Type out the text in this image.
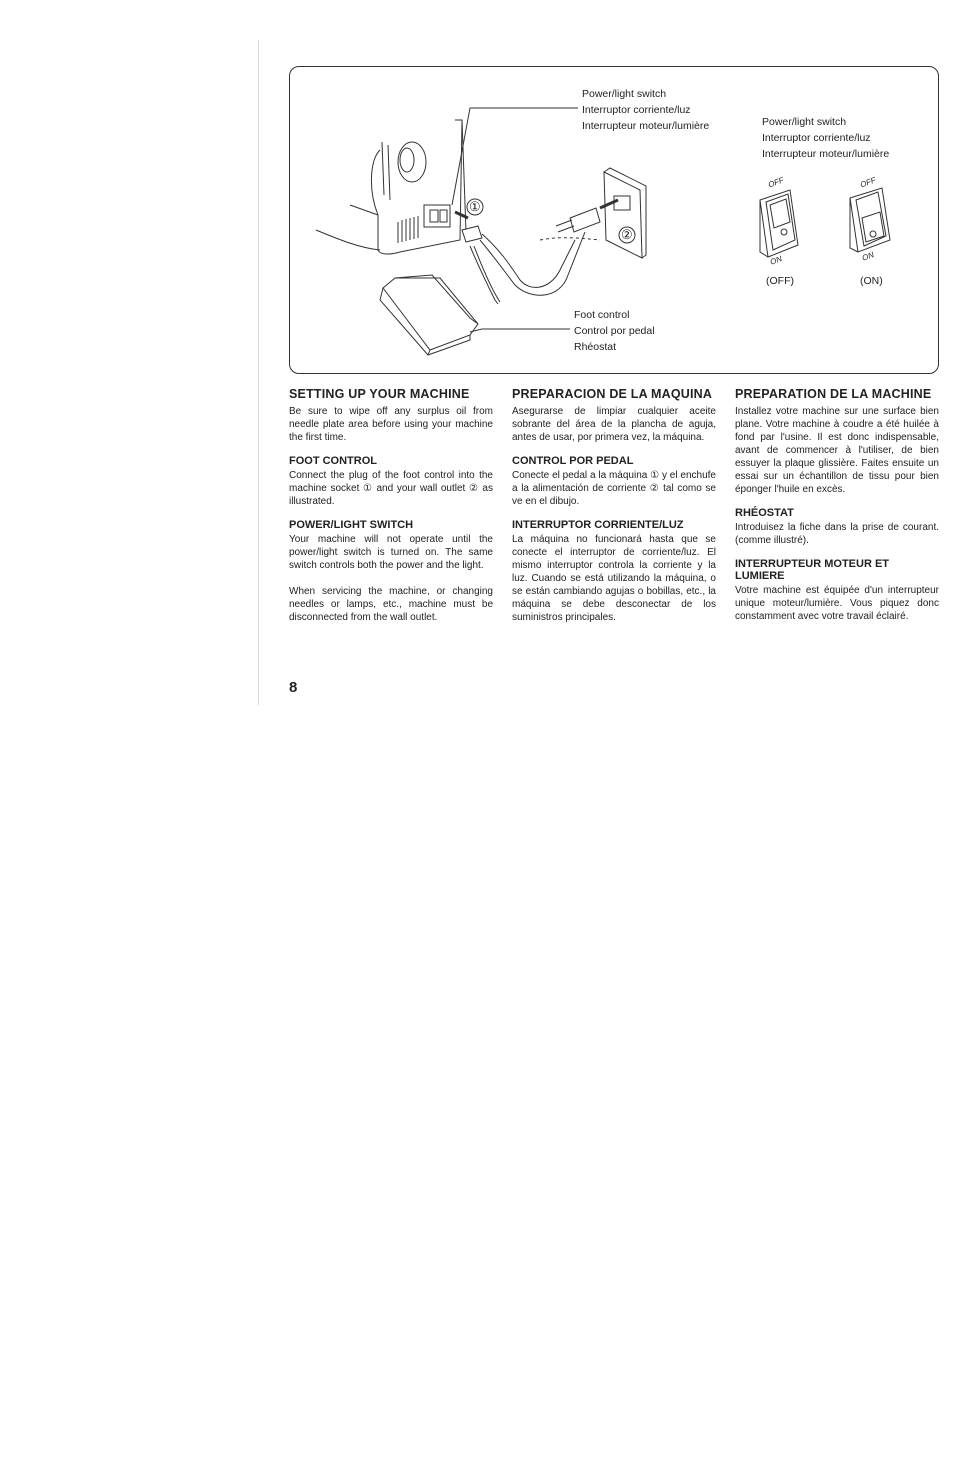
Power/light switch
Interruptor corriente/luz
Interrupteur moteur/lumière	Power/light switch
Interruptor corriente/luz
Interrupteur moteur/lumière
Foot control
Control por pedal
Rhéostat
①
②
OFF
ON
(OFF)
OFF
ON
(ON)
SETTING UP YOUR MACHINE

Be sure to wipe off any surplus oil from needle plate area before using your machine the first time.

FOOT CONTROL

Connect the plug of the foot control into the machine socket ① and your wall outlet ② as illustrated.

POWER/LIGHT SWITCH

Your machine will not operate until the power/light switch is turned on. The same switch controls both the power and the light.

When servicing the machine, or changing needles or lamps, etc., machine must be disconnected from the wall outlet.

PREPARACION DE LA MAQUINA

Asegurarse de limpiar cualquier aceite sobrante del área de la plancha de aguja, antes de usar, por primera vez, la máquina.

CONTROL POR PEDAL

Conecte el pedal a la máquina ① y el enchufe a la alimentación de corriente ② tal como se ve en el dibujo.

INTERRUPTOR CORRIENTE/LUZ

La máquina no funcionará hasta que se conecte el interruptor de corriente/luz. El mismo interruptor controla la corriente y la luz. Cuando se está utilizando la máquina, o se están cambiando agujas o bobillas, etc., la máquina se debe desconectar de los suministros principales.

PREPARATION DE LA MACHINE

Installez votre machine sur une surface bien plane. Votre machine à coudre a été huilée à fond par l'usine. Il est donc indispensable, avant de commencer à l'utiliser, de bien essuyer la plaque glissière. Faites ensuite un essai sur un échantillon de tissu pour bien éponger l'huile en excès.

RHÉOSTAT

Introduisez la fiche dans la prise de courant. (comme illustré).

INTERRUPTEUR MOTEUR ET LUMIERE

Votre machine est équipée d'un interrupteur unique moteur/lumière. Vous piquez donc constamment avec votre travail éclairé.

8
